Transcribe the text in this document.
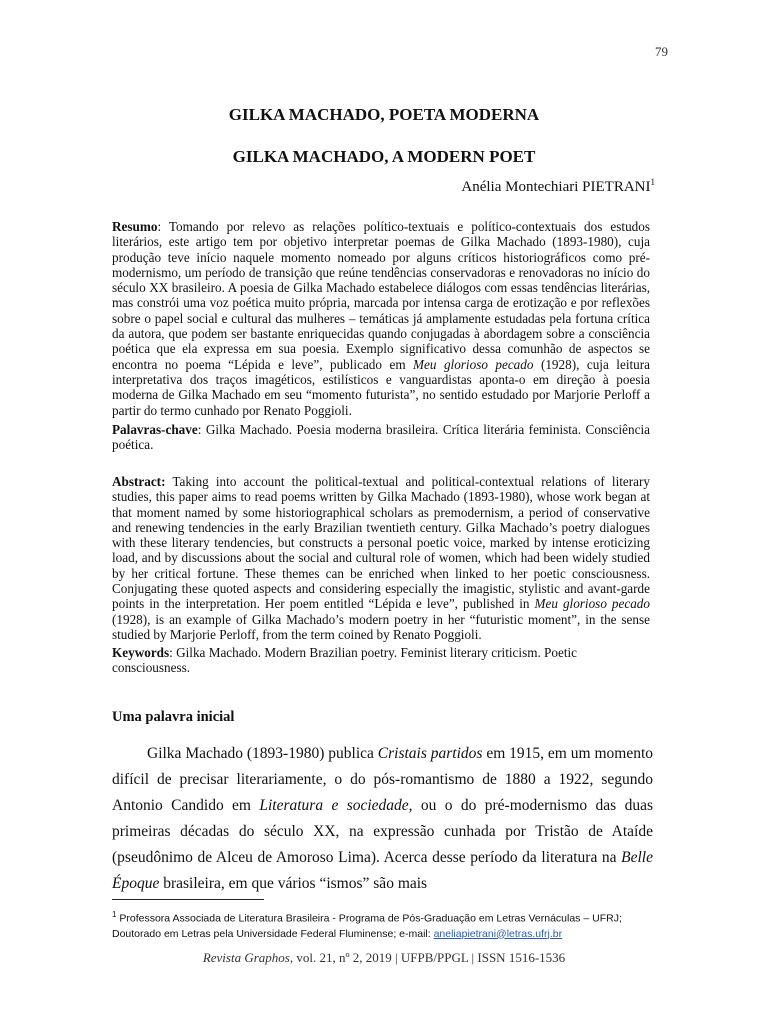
79
GILKA MACHADO, POETA MODERNA
GILKA MACHADO, A MODERN POET
Anélia Montechiari PIETRANI$^1$
Resumo: Tomando por relevo as relações político-textuais e político-contextuais dos estudos literários, este artigo tem por objetivo interpretar poemas de Gilka Machado (1893-1980), cuja produção teve início naquele momento nomeado por alguns críticos historiográficos como pré-modernismo, um período de transição que reúne tendências conservadoras e renovadoras no início do século XX brasileiro. A poesia de Gilka Machado estabelece diálogos com essas tendências literárias, mas constrói uma voz poética muito própria, marcada por intensa carga de erotização e por reflexões sobre o papel social e cultural das mulheres – temáticas já amplamente estudadas pela fortuna crítica da autora, que podem ser bastante enriquecidas quando conjugadas à abordagem sobre a consciência poética que ela expressa em sua poesia. Exemplo significativo dessa comunhão de aspectos se encontra no poema “Lépida e leve”, publicado em Meu glorioso pecado (1928), cuja leitura interpretativa dos traços imagéticos, estilísticos e vanguardistas aponta-o em direção à poesia moderna de Gilka Machado em seu “momento futurista”, no sentido estudado por Marjorie Perloff a partir do termo cunhado por Renato Poggioli.
Palavras-chave: Gilka Machado. Poesia moderna brasileira. Crítica literária feminista. Consciência poética.
Abstract: Taking into account the political-textual and political-contextual relations of literary studies, this paper aims to read poems written by Gilka Machado (1893-1980), whose work began at that moment named by some historiographical scholars as premodernism, a period of conservative and renewing tendencies in the early Brazilian twentieth century. Gilka Machado’s poetry dialogues with these literary tendencies, but constructs a personal poetic voice, marked by intense eroticizing load, and by discussions about the social and cultural role of women, which had been widely studied by her critical fortune. These themes can be enriched when linked to her poetic consciousness. Conjugating these quoted aspects and considering especially the imagistic, stylistic and avant-garde points in the interpretation. Her poem entitled “Lépida e leve”, published in Meu glorioso pecado (1928), is an example of Gilka Machado’s modern poetry in her “futuristic moment”, in the sense studied by Marjorie Perloff, from the term coined by Renato Poggioli.
Keywords: Gilka Machado. Modern Brazilian poetry. Feminist literary criticism. Poetic consciousness.
Uma palavra inicial
Gilka Machado (1893-1980) publica Cristais partidos em 1915, em um momento difícil de precisar literariamente, o do pós-romantismo de 1880 a 1922, segundo Antonio Candido em Literatura e sociedade, ou o do pré-modernismo das duas primeiras décadas do século XX, na expressão cunhada por Tristão de Ataíde (pseudônimo de Alceu de Amoroso Lima). Acerca desse período da literatura na Belle Époque brasileira, em que vários “ismos” são mais
$^1$ Professora Associada de Literatura Brasileira - Programa de Pós-Graduação em Letras Vernáculas – UFRJ; Doutorado em Letras pela Universidade Federal Fluminense; e-mail: aneliapietrani@letras.ufrj.br
Revista Graphos, vol. 21, nº 2, 2019 | UFPB/PPGL | ISSN 1516-1536
